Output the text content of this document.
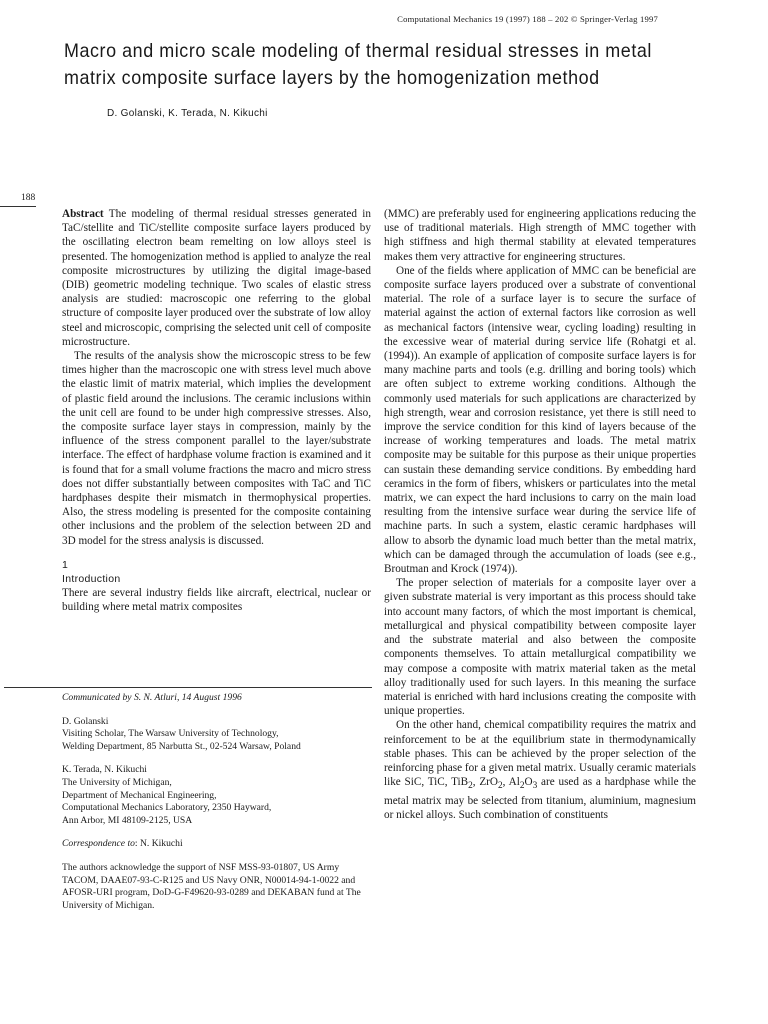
Computational Mechanics 19 (1997) 188 – 202 © Springer-Verlag 1997
Macro and micro scale modeling of thermal residual stresses in metal
matrix composite surface layers by the homogenization method
D. Golanski, K. Terada, N. Kikuchi
188

Abstract The modeling of thermal residual stresses generated in TaC/stellite and TiC/stellite composite surface layers produced by the oscillating electron beam remelting on low alloys steel is presented. The homogenization method is applied to analyze the real composite microstructures by utilizing the digital image-based (DIB) geometric modeling technique. Two scales of elastic stress analysis are studied: macroscopic one referring to the global structure of composite layer produced over the substrate of low alloy steel and microscopic, comprising the selected unit cell of composite microstructure.

The results of the analysis show the microscopic stress to be few times higher than the macroscopic one with stress level much above the elastic limit of matrix material, which implies the development of plastic field around the inclusions. The ceramic inclusions within the unit cell are found to be under high compressive stresses. Also, the composite surface layer stays in compression, mainly by the influence of the stress component parallel to the layer/substrate interface. The effect of hardphase volume fraction is examined and it is found that for a small volume fractions the macro and micro stress does not differ substantially between composites with TaC and TiC hardphases despite their mismatch in thermophysical properties. Also, the stress modeling is presented for the composite containing other inclusions and the problem of the selection between 2D and 3D model for the stress analysis is discussed.

1
Introduction

There are several industry fields like aircraft, electrical, nuclear or building where metal matrix composites

(MMC) are preferably used for engineering applications reducing the use of traditional materials. High strength of MMC together with high stiffness and high thermal stability at elevated temperatures makes them very attractive for engineering structures.

One of the fields where application of MMC can be beneficial are composite surface layers produced over a substrate of conventional material. The role of a surface layer is to secure the surface of material against the action of external factors like corrosion as well as mechanical factors (intensive wear, cycling loading) resulting in the excessive wear of material during service life (Rohatgi et al. (1994)). An example of application of composite surface layers is for many machine parts and tools (e.g. drilling and boring tools) which are often subject to extreme working conditions. Although the commonly used materials for such applications are characterized by high strength, wear and corrosion resistance, yet there is still need to improve the service condition for this kind of layers because of the increase of working temperatures and loads. The metal matrix composite may be suitable for this purpose as their unique properties can sustain these demanding service conditions. By embedding hard ceramics in the form of fibers, whiskers or particulates into the metal matrix, we can expect the hard inclusions to carry on the main load resulting from the intensive surface wear during the service life of machine parts. In such a system, elastic ceramic hardphases will allow to absorb the dynamic load much better than the metal matrix, which can be damaged through the accumulation of loads (see e.g., Broutman and Krock (1974)).

The proper selection of materials for a composite layer over a given substrate material is very important as this process should take into account many factors, of which the most important is chemical, metallurgical and physical compatibility between composite layer and the substrate material and also between the composite components themselves. To attain metallurgical compatibility we may compose a composite with matrix material taken as the metal alloy traditionally used for such layers. In this meaning the surface material is enriched with hard inclusions creating the composite with unique properties.

On the other hand, chemical compatibility requires the matrix and reinforcement to be at the equilibrium state in thermodynamically stable phases. This can be achieved by the proper selection of the reinforcing phase for a given metal matrix. Usually ceramic materials like SiC, TiC, TiB$_2$, ZrO$_2$, $Al_2O_3$ are used as a hardphase while the metal matrix may be selected from titanium, aluminium, magnesium or nickel alloys. Such combination of constituents

Communicated by S. N. Atluri, 14 August 1996

D. Golanski
Visiting Scholar, The Warsaw University of Technology,
Welding Department, 85 Narbutta St., 02-524 Warsaw, Poland

K. Terada, N. Kikuchi
The University of Michigan,
Department of Mechanical Engineering,
Computational Mechanics Laboratory, 2350 Hayward,
Ann Arbor, MI 48109-2125, USA

Correspondence to: N. Kikuchi

The authors acknowledge the support of NSF MSS-93-01807, US Army TACOM, DAAE07-93-C-R125 and US Navy ONR, N00014-94-1-0022 and AFOSR-URI program, DoD-G-F49620-93-0289 and DEKABAN fund at The University of Michigan.
